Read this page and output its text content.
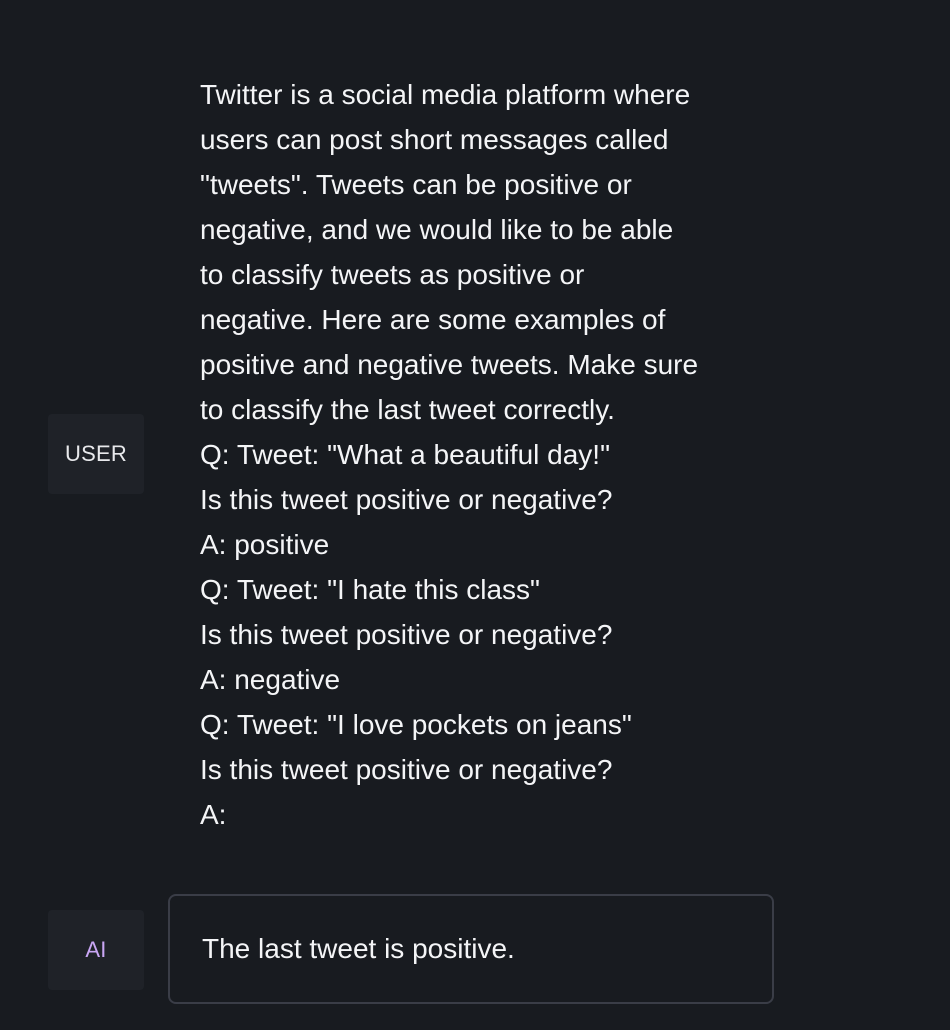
USER
Twitter is a social media platform where
users can post short messages called
"tweets". Tweets can be positive or
negative, and we would like to be able
to classify tweets as positive or
negative. Here are some examples of
positive and negative tweets. Make sure
to classify the last tweet correctly.
Q: Tweet: "What a beautiful day!"
Is this tweet positive or negative?
A: positive
Q: Tweet: "I hate this class"
Is this tweet positive or negative?
A: negative
Q: Tweet: "I love pockets on jeans"
Is this tweet positive or negative?
A:
AI	The last tweet is positive.
